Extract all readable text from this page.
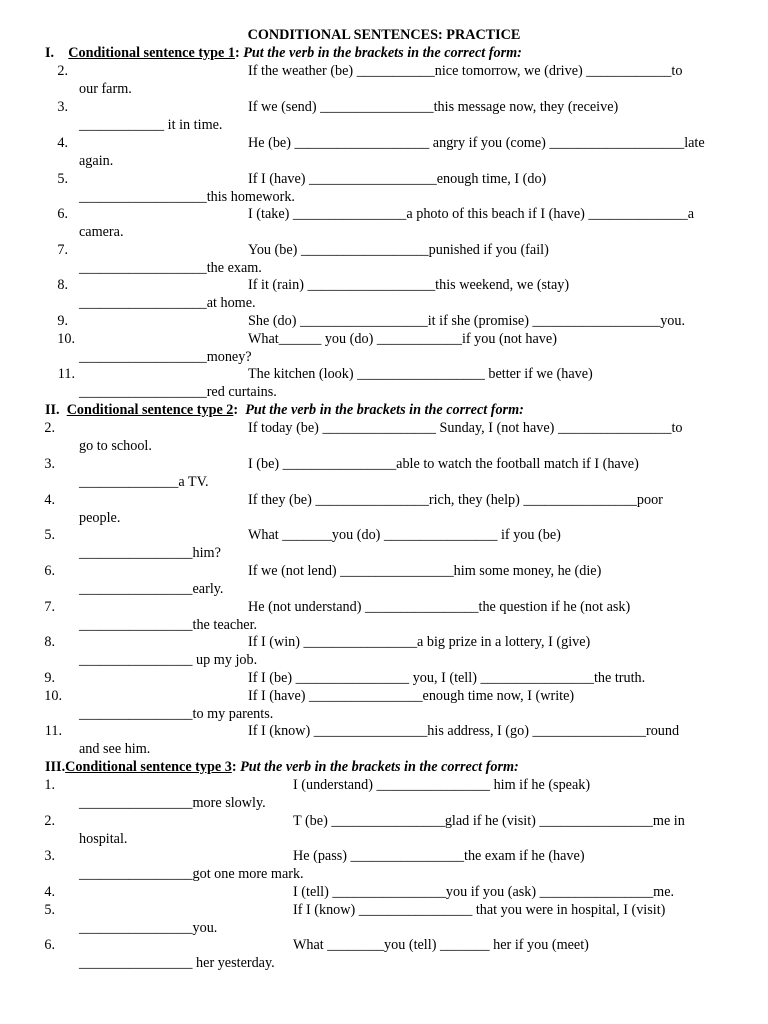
CONDITIONAL SENTENCES: PRACTICE
I. Conditional sentence type 1: Put the verb in the brackets in the correct form:
2.	If the weather (be) ___________nice tomorrow, we (drive) ____________to
our farm.
3.	If we (send) ________________this message now, they (receive)
____________ it in time.
4.	He (be) ___________________ angry if you (come) ___________________late
again.
5.	If I (have) __________________enough time, I (do)
__________________this homework.
6.	I (take) ________________a photo of this beach if I (have) ______________a
camera.
7.	You (be) __________________punished if you (fail)
__________________the exam.
8.	If it (rain) __________________this weekend, we (stay)
__________________at home.
9.	She (do) __________________it if she (promise) __________________you.
10.	What______ you (do) ____________if you (not have)
__________________money?
11.	The kitchen (look) __________________ better if we (have)
__________________red curtains.
II. Conditional sentence type 2: Put the verb in the brackets in the correct form:
2.	If today (be) ________________ Sunday, I (not have) ________________to
go to school.
3.	I (be) ________________able to watch the football match if I (have)
______________a TV.
4.	If they (be) ________________rich, they (help) ________________poor
people.
5.	What _______you (do) ________________ if you (be)
________________him?
6.	If we (not lend) ________________him some money, he (die)
________________early.
7.	He (not understand) ________________the question if he (not ask)
________________the teacher.
8.	If I (win) ________________a big prize in a lottery, I (give)
________________ up my job.
9.	If I (be) ________________ you, I (tell) ________________the truth.
10.	If I (have) ________________enough time now, I (write)
________________to my parents.
11.	If I (know) ________________his address, I (go) ________________round
and see him.
III.Conditional sentence type 3: Put the verb in the brackets in the correct form:
1.	I (understand) ________________ him if he (speak)
________________more slowly.
2.	T (be) ________________glad if he (visit) ________________me in
hospital.
3.	He (pass) ________________the exam if he (have)
________________got one more mark.
4.	I (tell) ________________you if you (ask) ________________me.
5.	If I (know) ________________ that you were in hospital, I (visit)
________________you.
6.	What ________you (tell) _______ her if you (meet)
________________ her yesterday.
